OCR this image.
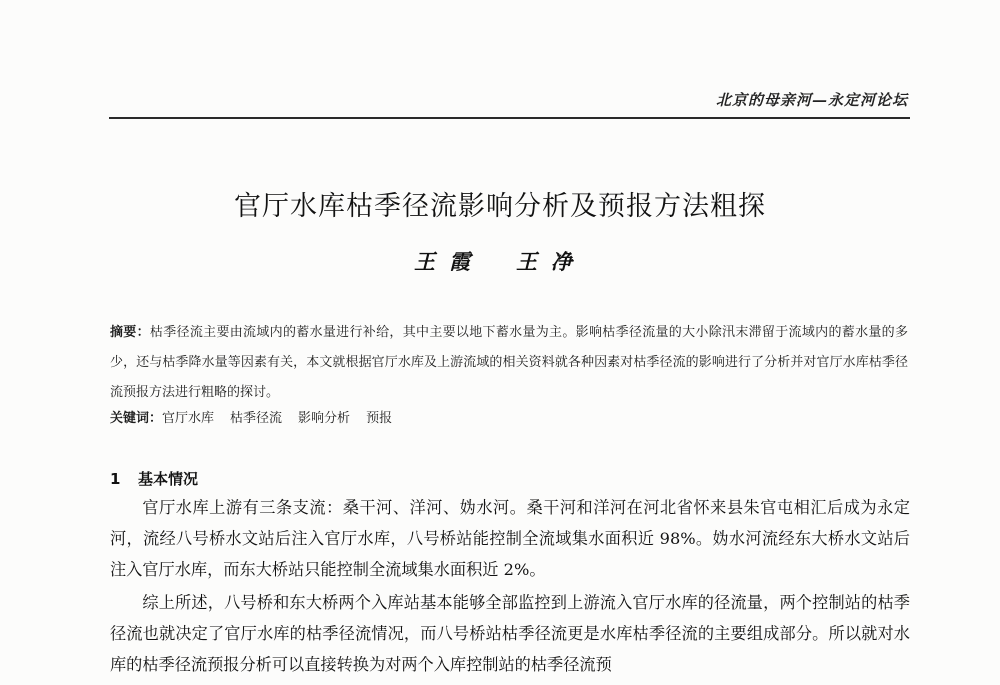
北京的母亲河—永定河论坛
官厅水库枯季径流影响分析及预报方法粗探
王霞 王净
摘要：枯季径流主要由流域内的蓄水量进行补给，其中主要以地下蓄水量为主。影响枯季径流量的大小除汛末滞留于流域内的蓄水量的多少，还与枯季降水量等因素有关，本文就根据官厅水库及上游流域的相关资料就各种因素对枯季径流的影响进行了分析并对官厅水库枯季径流预报方法进行粗略的探讨。
关键词：官厅水库 枯季径流 影响分析 预报
1 基本情况
官厅水库上游有三条支流：桑干河、洋河、妫水河。桑干河和洋河在河北省怀来县朱官屯相汇后成为永定河，流经八号桥水文站后注入官厅水库，八号桥站能控制全流域集水面积近 98%。妫水河流经东大桥水文站后注入官厅水库，而东大桥站只能控制全流域集水面积近 2%。
综上所述，八号桥和东大桥两个入库站基本能够全部监控到上游流入官厅水库的径流量，两个控制站的枯季径流也就决定了官厅水库的枯季径流情况，而八号桥站枯季径流更是水库枯季径流的主要组成部分。所以就对水库的枯季径流预报分析可以直接转换为对两个入库控制站的枯季径流预
